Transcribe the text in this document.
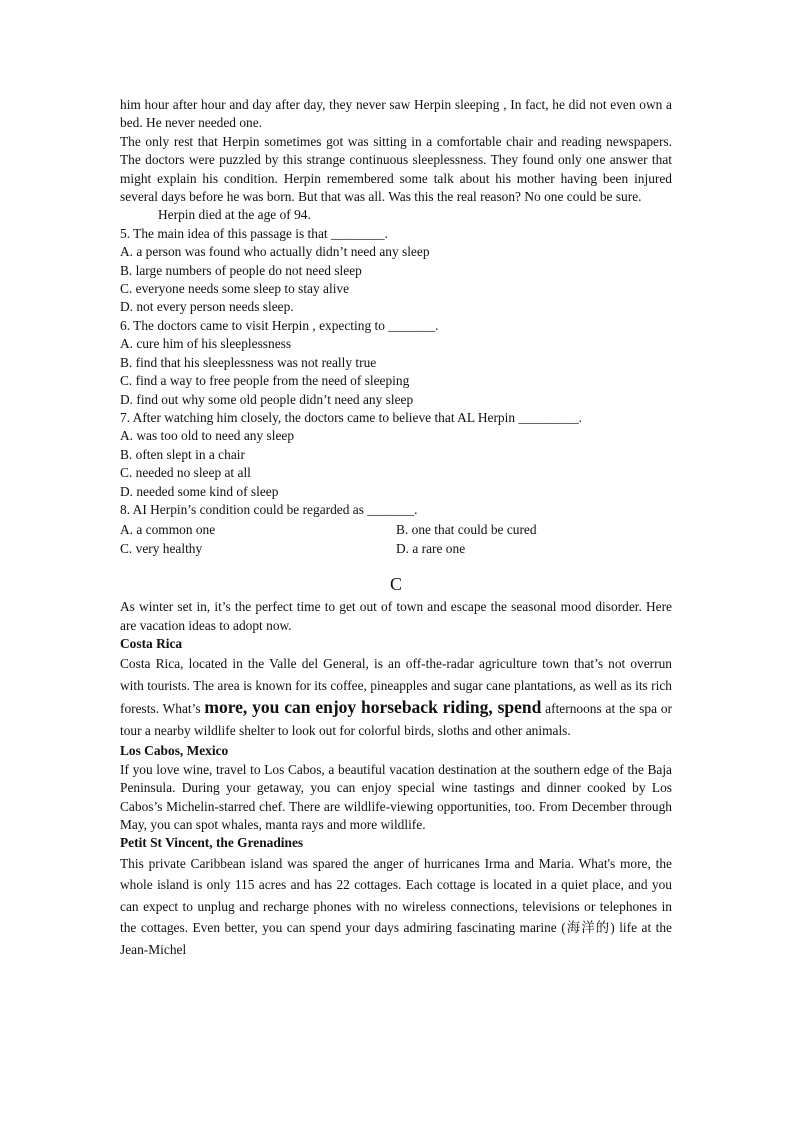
him hour after hour and day after day, they never saw Herpin sleeping , In fact, he did not even own a bed. He never needed one.

The only rest that Herpin sometimes got was sitting in a comfortable chair and reading newspapers. The doctors were puzzled by this strange continuous sleeplessness. They found only one answer that might explain his condition. Herpin remembered some talk about his mother having been injured several days before he was born. But that was all. Was this the real reason? No one could be sure.

Herpin died at the age of 94.

5. The main idea of this passage is that ________.

A. a person was found who actually didn’t need any sleep

B. large numbers of people do not need sleep

C. everyone needs some sleep to stay alive

D. not every person needs sleep.

6. The doctors came to visit Herpin , expecting to _______.

A. cure him of his sleeplessness

B. find that his sleeplessness was not really true

C. find a way to free people from the need of sleeping

D. find out why some old people didn’t need any sleep

7. After watching him closely, the doctors came to believe that AL Herpin _________.

A. was too old to need any sleep

B. often slept in a chair

C. needed no sleep at all

D. needed some kind of sleep

8. AI Herpin’s condition could be regarded as _______.

A. a common one	B. one that could be cured
C. very healthy	D. a rare one

C

As winter set in, it’s the perfect time to get out of town and escape the seasonal mood disorder. Here are vacation ideas to adopt now.

Costa Rica

Costa Rica, located in the Valle del General, is an off-the-radar agriculture town that’s not overrun with tourists. The area is known for its coffee, pineapples and sugar cane plantations, as well as its rich forests. What’s more, you can enjoy horseback riding, spend afternoons at the spa or tour a nearby wildlife shelter to look out for colorful birds, sloths and other animals.

Los Cabos, Mexico

If you love wine, travel to Los Cabos, a beautiful vacation destination at the southern edge of the Baja Peninsula. During your getaway, you can enjoy special wine tastings and dinner cooked by Los Cabos’s Michelin-starred chef. There are wildlife-viewing opportunities, too. From December through May, you can spot whales, manta rays and more wildlife.

Petit St Vincent, the Grenadines

This private Caribbean island was spared the anger of hurricanes Irma and Maria. What's more, the whole island is only 115 acres and has 22 cottages. Each cottage is located in a quiet place, and you can expect to unplug and recharge phones with no wireless connections, televisions or telephones in the cottages. Even better, you can spend your days admiring fascinating marine (海洋的) life at the Jean-Michel
